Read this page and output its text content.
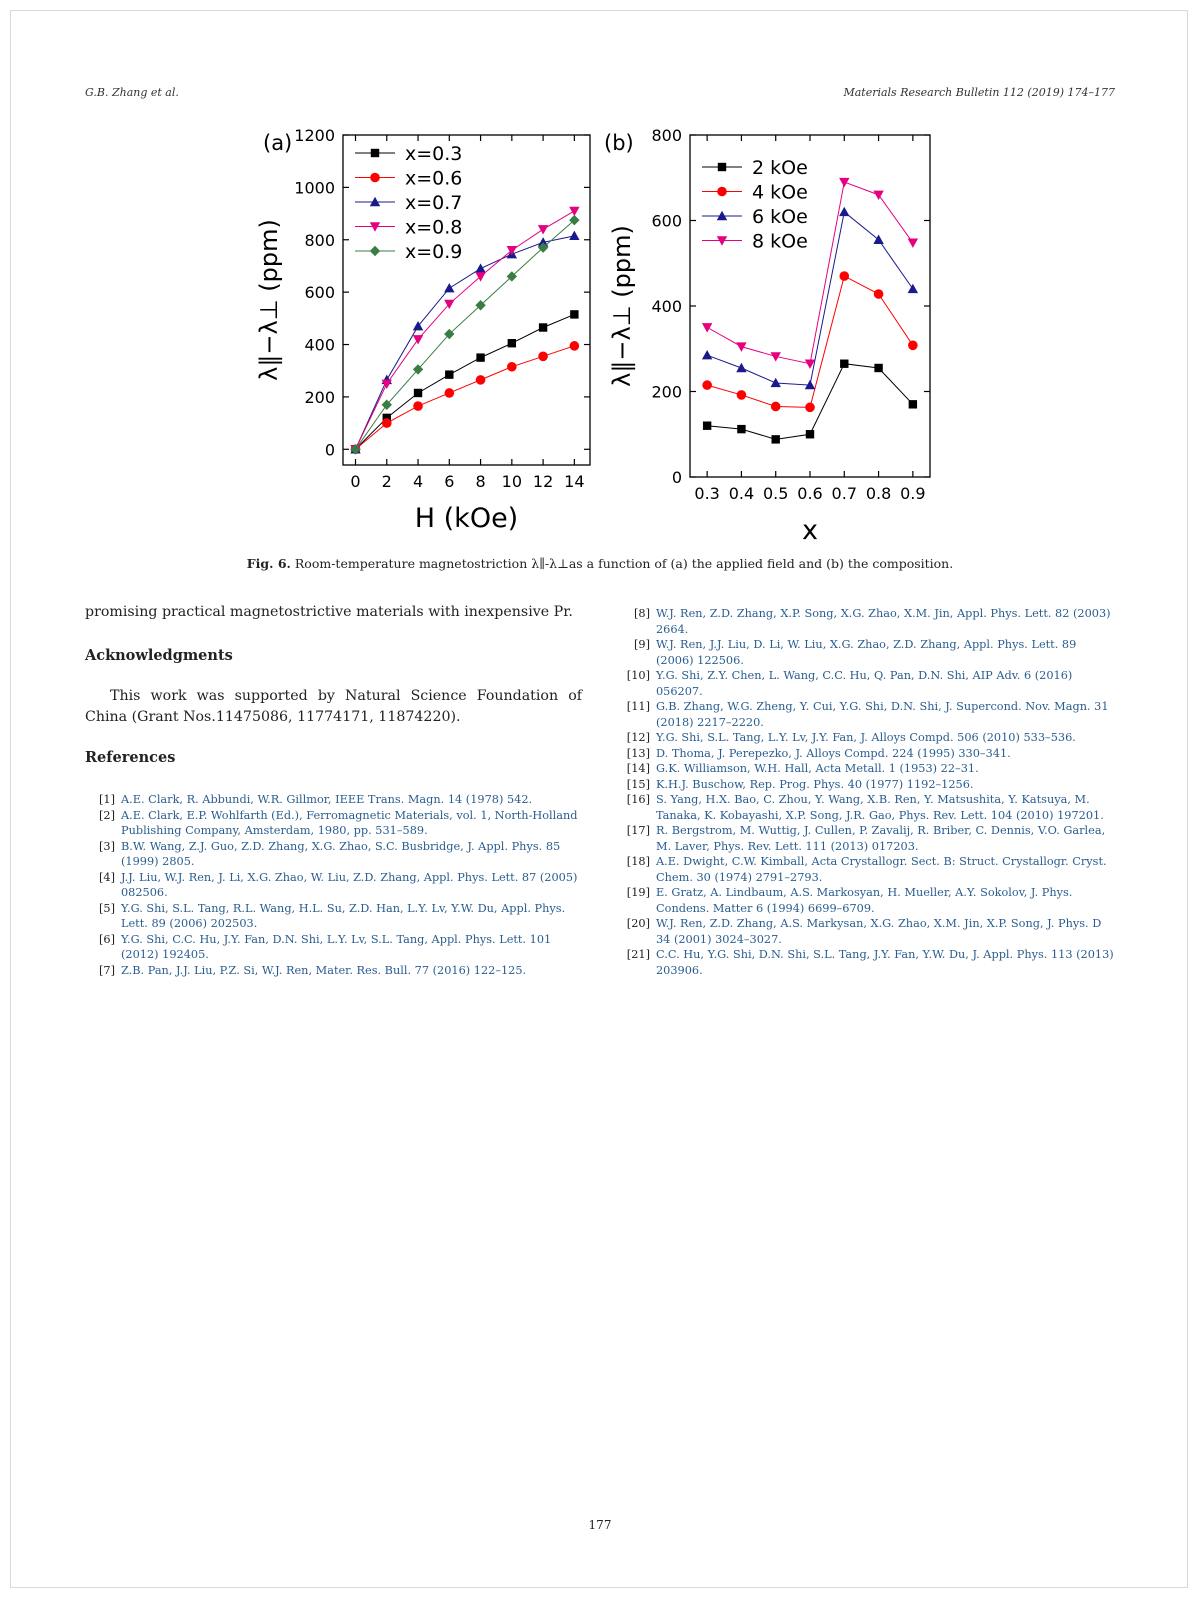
G.B. Zhang et al.	Materials Research Bulletin 112 (2019) 174–177
0
200
400
600
800
1000
1200
0 2 4 6 8 10 12 14
(a)
H (kOe)
λ∥−λ⊥ (ppm)
x=0.3
x=0.6
x=0.7
x=0.8
x=0.9
0
200
400
600
800
0.3 0.4 0.5 0.6 0.7 0.8 0.9
(b)
x
λ∥−λ⊥ (ppm)
2 kOe
4 kOe
6 kOe
8 kOe
Fig. 6. Room-temperature magnetostriction λ∥-λ⊥as a function of (a) the applied field and (b) the composition.

promising practical magnetostrictive materials with inexpensive Pr.

Acknowledgments

This work was supported by Natural Science Foundation of China (Grant Nos.11475086, 11774171, 11874220).

References
[1] A.E. Clark, R. Abbundi, W.R. Gillmor, IEEE Trans. Magn. 14 (1978) 542.
[2] A.E. Clark, E.P. Wohlfarth (Ed.), Ferromagnetic Materials, vol. 1, North-Holland Publishing Company, Amsterdam, 1980, pp. 531–589.
[3] B.W. Wang, Z.J. Guo, Z.D. Zhang, X.G. Zhao, S.C. Busbridge, J. Appl. Phys. 85 (1999) 2805.
[4] J.J. Liu, W.J. Ren, J. Li, X.G. Zhao, W. Liu, Z.D. Zhang, Appl. Phys. Lett. 87 (2005) 082506.
[5] Y.G. Shi, S.L. Tang, R.L. Wang, H.L. Su, Z.D. Han, L.Y. Lv, Y.W. Du, Appl. Phys. Lett. 89 (2006) 202503.
[6] Y.G. Shi, C.C. Hu, J.Y. Fan, D.N. Shi, L.Y. Lv, S.L. Tang, Appl. Phys. Lett. 101 (2012) 192405.
[7] Z.B. Pan, J.J. Liu, P.Z. Si, W.J. Ren, Mater. Res. Bull. 77 (2016) 122–125.
[8] W.J. Ren, Z.D. Zhang, X.P. Song, X.G. Zhao, X.M. Jin, Appl. Phys. Lett. 82 (2003) 2664.
[9] W.J. Ren, J.J. Liu, D. Li, W. Liu, X.G. Zhao, Z.D. Zhang, Appl. Phys. Lett. 89 (2006) 122506.
[10] Y.G. Shi, Z.Y. Chen, L. Wang, C.C. Hu, Q. Pan, D.N. Shi, AIP Adv. 6 (2016) 056207.
[11] G.B. Zhang, W.G. Zheng, Y. Cui, Y.G. Shi, D.N. Shi, J. Supercond. Nov. Magn. 31 (2018) 2217–2220.
[12] Y.G. Shi, S.L. Tang, L.Y. Lv, J.Y. Fan, J. Alloys Compd. 506 (2010) 533–536.
[13] D. Thoma, J. Perepezko, J. Alloys Compd. 224 (1995) 330–341.
[14] G.K. Williamson, W.H. Hall, Acta Metall. 1 (1953) 22–31.
[15] K.H.J. Buschow, Rep. Prog. Phys. 40 (1977) 1192–1256.
[16] S. Yang, H.X. Bao, C. Zhou, Y. Wang, X.B. Ren, Y. Matsushita, Y. Katsuya, M. Tanaka, K. Kobayashi, X.P. Song, J.R. Gao, Phys. Rev. Lett. 104 (2010) 197201.
[17] R. Bergstrom, M. Wuttig, J. Cullen, P. Zavalij, R. Briber, C. Dennis, V.O. Garlea, M. Laver, Phys. Rev. Lett. 111 (2013) 017203.
[18] A.E. Dwight, C.W. Kimball, Acta Crystallogr. Sect. B: Struct. Crystallogr. Cryst. Chem. 30 (1974) 2791–2793.
[19] E. Gratz, A. Lindbaum, A.S. Markosyan, H. Mueller, A.Y. Sokolov, J. Phys. Condens. Matter 6 (1994) 6699–6709.
[20] W.J. Ren, Z.D. Zhang, A.S. Markysan, X.G. Zhao, X.M. Jin, X.P. Song, J. Phys. D 34 (2001) 3024–3027.
[21] C.C. Hu, Y.G. Shi, D.N. Shi, S.L. Tang, J.Y. Fan, Y.W. Du, J. Appl. Phys. 113 (2013) 203906.
177
